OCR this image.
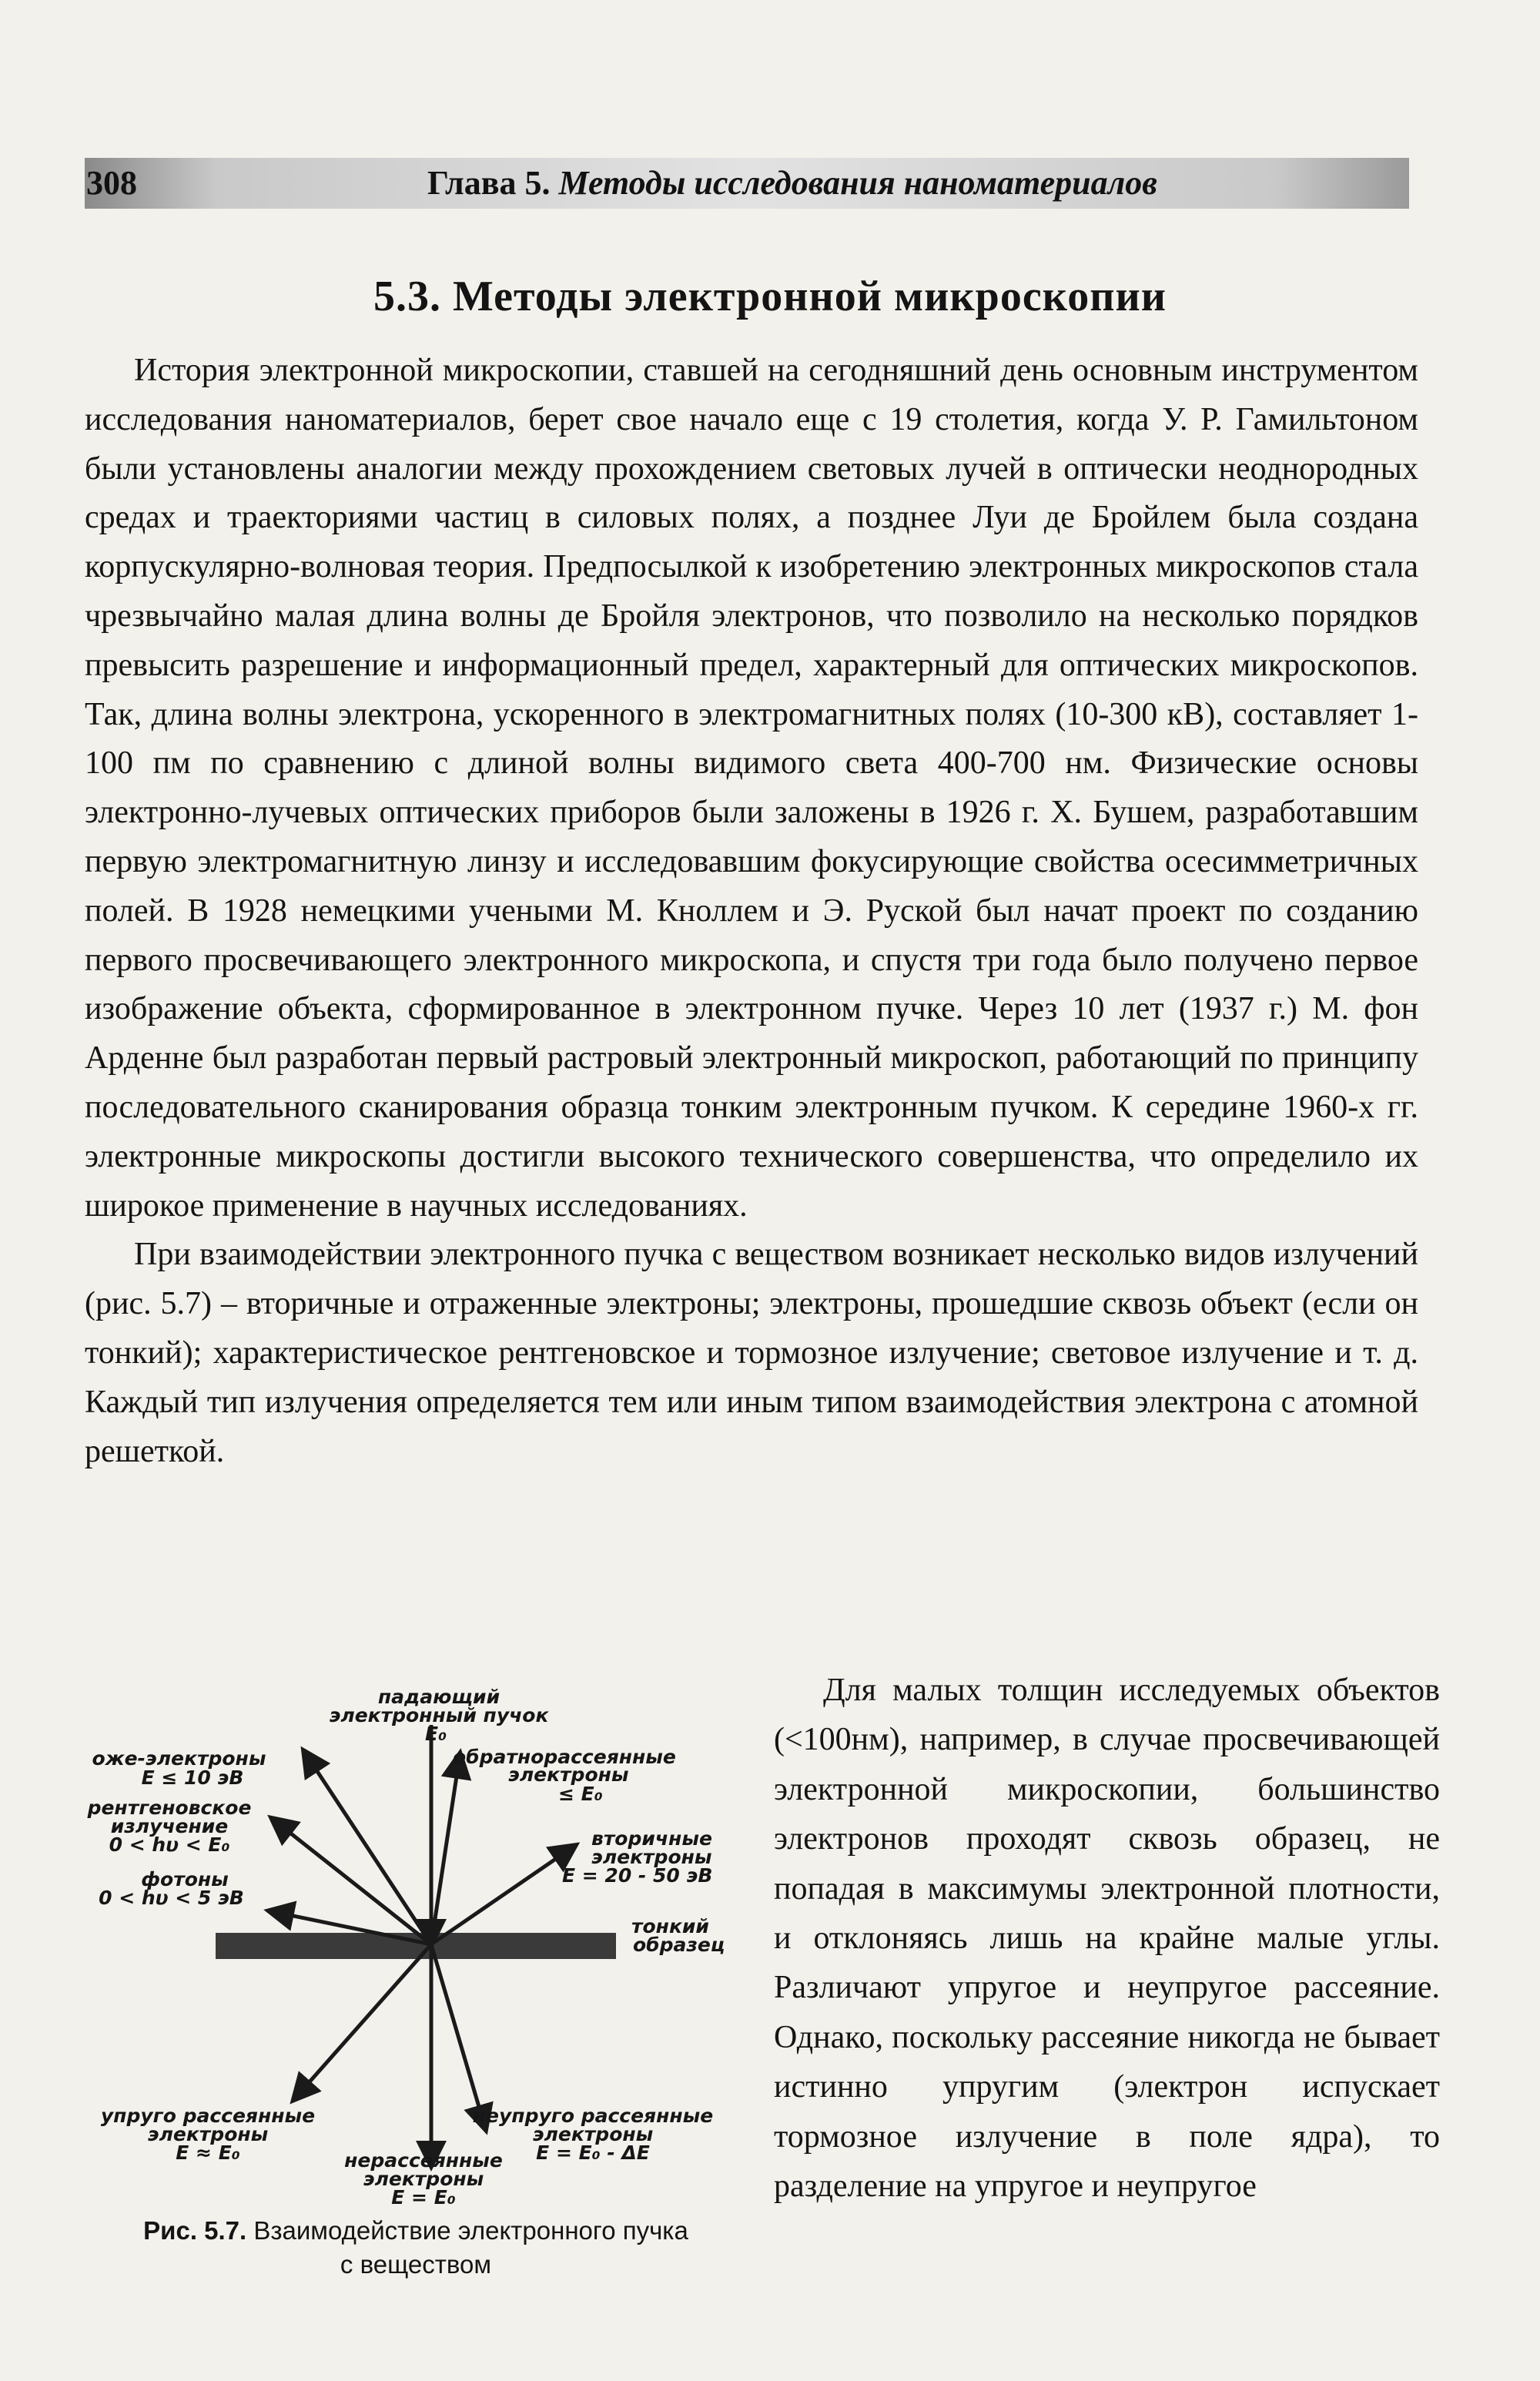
308	Глава 5. Методы исследования наноматериалов
5.3. Методы электронной микроскопии

История электронной микроскопии, ставшей на сегодняшний день основным инструментом исследования наноматериалов, берет свое начало еще с 19 столетия, когда У. Р. Гамильтоном были установлены аналогии между прохождением световых лучей в оптически неоднородных средах и траекториями частиц в силовых полях, а позднее Луи де Бройлем была создана корпускулярно-волновая теория. Предпосылкой к изобретению электронных микроскопов стала чрезвычайно малая длина волны де Бройля электронов, что позволило на несколько порядков превысить разрешение и информационный предел, характерный для оптических микроскопов. Так, длина волны электрона, ускоренного в электромагнитных полях (10-300 кВ), составляет 1-100 пм по сравнению с длиной волны видимого света 400-700 нм. Физические основы электронно-лучевых оптических приборов были заложены в 1926 г. Х. Бушем, разработавшим первую электромагнитную линзу и исследовавшим фокусирующие свойства осесимметричных полей. В 1928 немецкими учеными М. Кноллем и Э. Руской был начат проект по созданию первого просвечивающего электронного микроскопа, и спустя три года было получено первое изображение объекта, сформированное в электронном пучке. Через 10 лет (1937 г.) М. фон Арденне был разработан первый растровый электронный микроскоп, работающий по принципу последовательного сканирования образца тонким электронным пучком. К середине 1960-х гг. электронные микроскопы достигли высокого технического совершенства, что определило их широкое применение в научных исследованиях.

При взаимодействии электронного пучка с веществом возникает несколько видов излучений (рис. 5.7) – вторичные и отраженные электроны; электроны, прошедшие сквозь объект (если он тонкий); характеристическое рентгеновское и тормозное излучение; световое излучение и т. д. Каждый тип излучения определяется тем или иным типом взаимодействия электрона с атомной решеткой.

Для малых толщин исследуемых объектов (<100нм), например, в случае просвечивающей электронной микроскопии, большинство электронов проходят сквозь образец, не попадая в максимумы электронной плотности, и отклоняясь лишь на крайне малые углы. Различают упругое и неупругое рассеяние. Однако, поскольку рассеяние никогда не бывает истинно упругим (электрон испускает тормозное излучение в поле ядра), то разделение на упругое и неупругое

падающий
электронный пучок
E₀
обратнорассеянные
электроны
≤ E₀
оже-электроны
E ≤ 10 эВ
рентгеновское
излучение
0 < hυ < E₀
фотоны
0 < hυ < 5 эВ
вторичные
электроны
E = 20 - 50 эВ
тонкий
образец
упруго рассеянные
электроны
E ≈ E₀
неупруго рассеянные
электроны
E = E₀ - ΔE
нерассеянные
электроны
E = E₀
Рис. 5.7. Взаимодействие электронного пучка
с веществом
